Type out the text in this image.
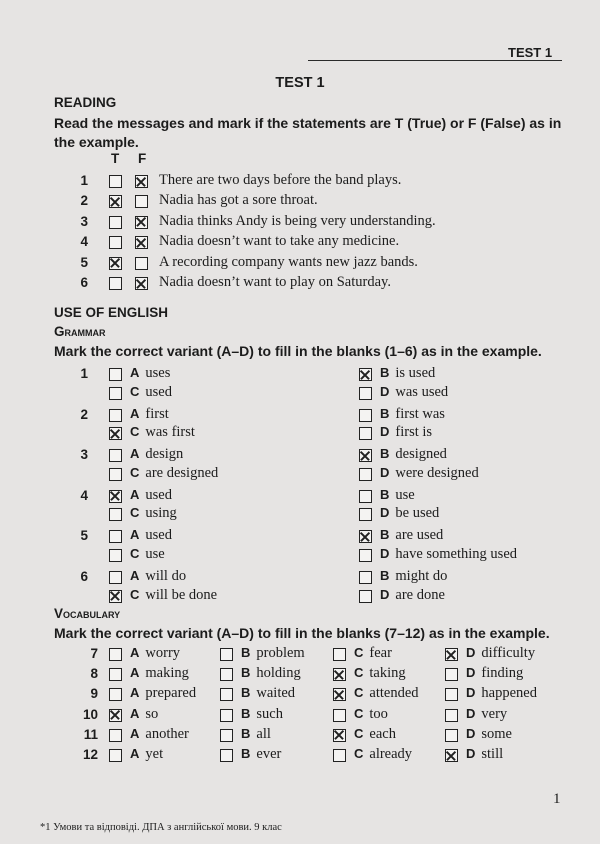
TEST 1
TEST 1
READING
Read the messages and mark if the statements are T (True) or F (False) as in
the example.
T F
1	There are two days before the band plays.
2	Nadia has got a sore throat.
3	Nadia thinks Andy is being very understanding.
4	Nadia doesn’t want to take any medicine.
5	A recording company wants new jazz bands.
6	Nadia doesn’t want to play on Saturday.
USE OF ENGLISH
Grammar
Mark the correct variant (A–D) to fill in the blanks (1–6) as in the example.
1	A uses	B is used
C used	D was used
2	A first	B first was
C was first	D first is
3	A design	B designed
C are designed	D were designed
4	A used	B use
C using	D be used
5	A used	B are used
C use	D have something used
6	A will do	B might do
C will be done	D are done
Vocabulary
Mark the correct variant (A–D) to fill in the blanks (7–12) as in the example.
7 A worry	B problem	C fear	D difficulty
8 A making	B holding	C taking	D finding
9 A prepared	B waited	C attended	D happened
10 A so	B such	C too	D very
11 A another	B all	C each	D some
12 A yet	B ever	C already	D still
1
*1 Умови та відповіді. ДПА з англійської мови. 9 клас
